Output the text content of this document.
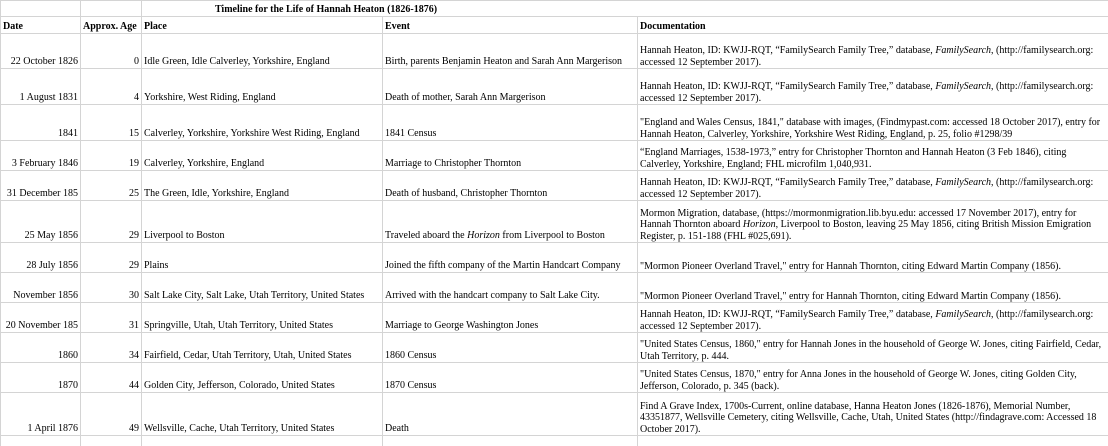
		Timeline for the Life of Hannah Heaton (1826-1876)		
Date	Approx. Age	Place	Event	Documentation
22 October 1826	0	Idle Green, Idle Calverley, Yorkshire, England	Birth, parents Benjamin Heaton and Sarah Ann Margerison	Hannah Heaton, ID: KWJJ-RQT, “FamilySearch Family Tree,” database, FamilySearch, (http://familysearch.org: accessed 12 September 2017).
1 August 1831	4	Yorkshire, West Riding, England	Death of mother, Sarah Ann Margerison	Hannah Heaton, ID: KWJJ-RQT, “FamilySearch Family Tree,” database, FamilySearch, (http://familysearch.org: accessed 12 September 2017).
1841	15	Calverley, Yorkshire, Yorkshire West Riding, England	1841 Census	"England and Wales Census, 1841," database with images, (Findmypast.com: accessed 18 October 2017), entry for Hannah Heaton, Calverley, Yorkshire, Yorkshire West Riding, England, p. 25, folio #1298/39
3 February 1846	19	Calverley, Yorkshire, England	Marriage to Christopher Thornton	“England Marriages, 1538-1973,” entry for Christopher Thornton and Hannah Heaton (3 Feb 1846), citing Calverley, Yorkshire, England; FHL microfilm 1,040,931.
31 December 185	25	The Green, Idle, Yorkshire, England	Death of husband, Christopher Thornton	Hannah Heaton, ID: KWJJ-RQT, “FamilySearch Family Tree,” database, FamilySearch, (http://familysearch.org: accessed 12 September 2017).
25 May 1856	29	Liverpool to Boston	Traveled aboard the Horizon from Liverpool to Boston	Mormon Migration, database, (https://mormonmigration.lib.byu.edu: accessed 17 November 2017), entry for Hannah Thornton aboard Horizon, Liverpool to Boston, leaving 25 May 1856, citing British Mission Emigration Register, p. 151-188 (FHL #025,691).
28 July 1856	29	Plains	Joined the fifth company of the Martin Handcart Company	"Mormon Pioneer Overland Travel," entry for Hannah Thornton, citing Edward Martin Company (1856).
November 1856	30	Salt Lake City, Salt Lake, Utah Territory, United States	Arrived with the handcart company to Salt Lake City.	"Mormon Pioneer Overland Travel," entry for Hannah Thornton, citing Edward Martin Company (1856).
20 November 185	31	Springville, Utah, Utah Territory, United States	Marriage to George Washington Jones	Hannah Heaton, ID: KWJJ-RQT, “FamilySearch Family Tree,” database, FamilySearch, (http://familysearch.org: accessed 12 September 2017).
1860	34	Fairfield, Cedar, Utah Territory, Utah, United States	1860 Census	"United States Census, 1860," entry for Hannah Jones in the household of George W. Jones, citing Fairfield, Cedar, Utah Territory, p. 444.
1870	44	Golden City, Jefferson, Colorado, United States	1870 Census	"United States Census, 1870," entry for Anna Jones in the household of George W. Jones, citing Golden City, Jefferson, Colorado, p. 345 (back).
1 April 1876	49	Wellsville, Cache, Utah Territory, United States	Death	Find A Grave Index, 1700s-Current, online database, Hanna Heaton Jones (1826-1876), Memorial Number, 43351877, Wellsville Cemetery, citing Wellsville, Cache, Utah, United States (http://findagrave.com: Accessed 18 October 2017).
